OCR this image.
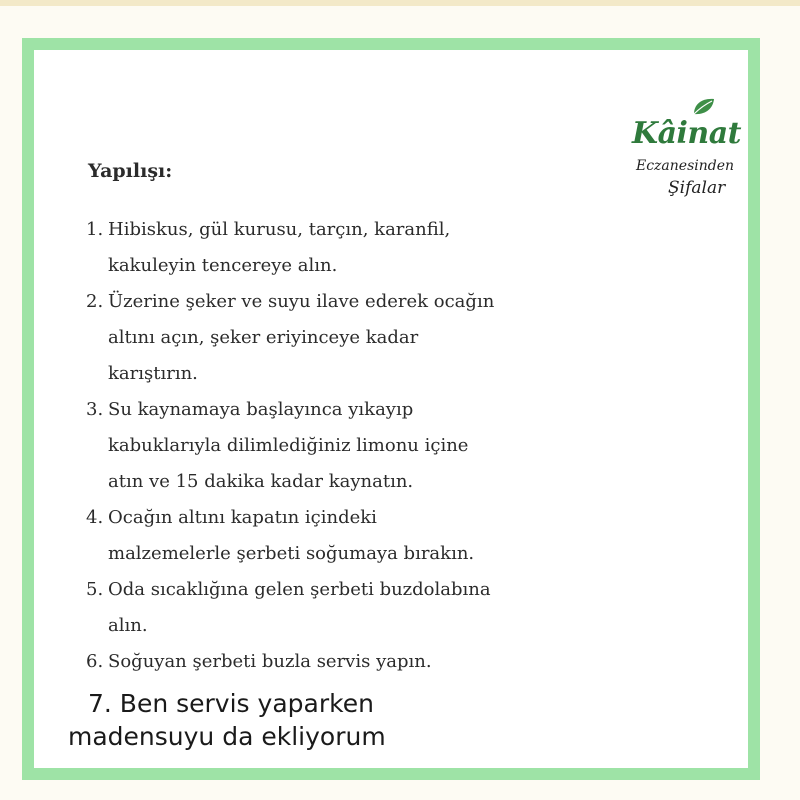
Kâinat
Eczanesinden
Şifalar
Yapılışı:
1. Hibiskus, gül kurusu, tarçın, karanfil,
kakuleyin tencereye alın.
2. Üzerine şeker ve suyu ilave ederek ocağın
altını açın, şeker eriyinceye kadar
karıştırın.
3. Su kaynamaya başlayınca yıkayıp
kabuklarıyla dilimlediğiniz limonu içine
atın ve 15 dakika kadar kaynatın.
4. Ocağın altını kapatın içindeki
malzemelerle şerbeti soğumaya bırakın.
5. Oda sıcaklığına gelen şerbeti buzdolabına
alın.
6. Soğuyan şerbeti buzla servis yapın.
7. Ben servis yaparken
madensuyu da ekliyorum
